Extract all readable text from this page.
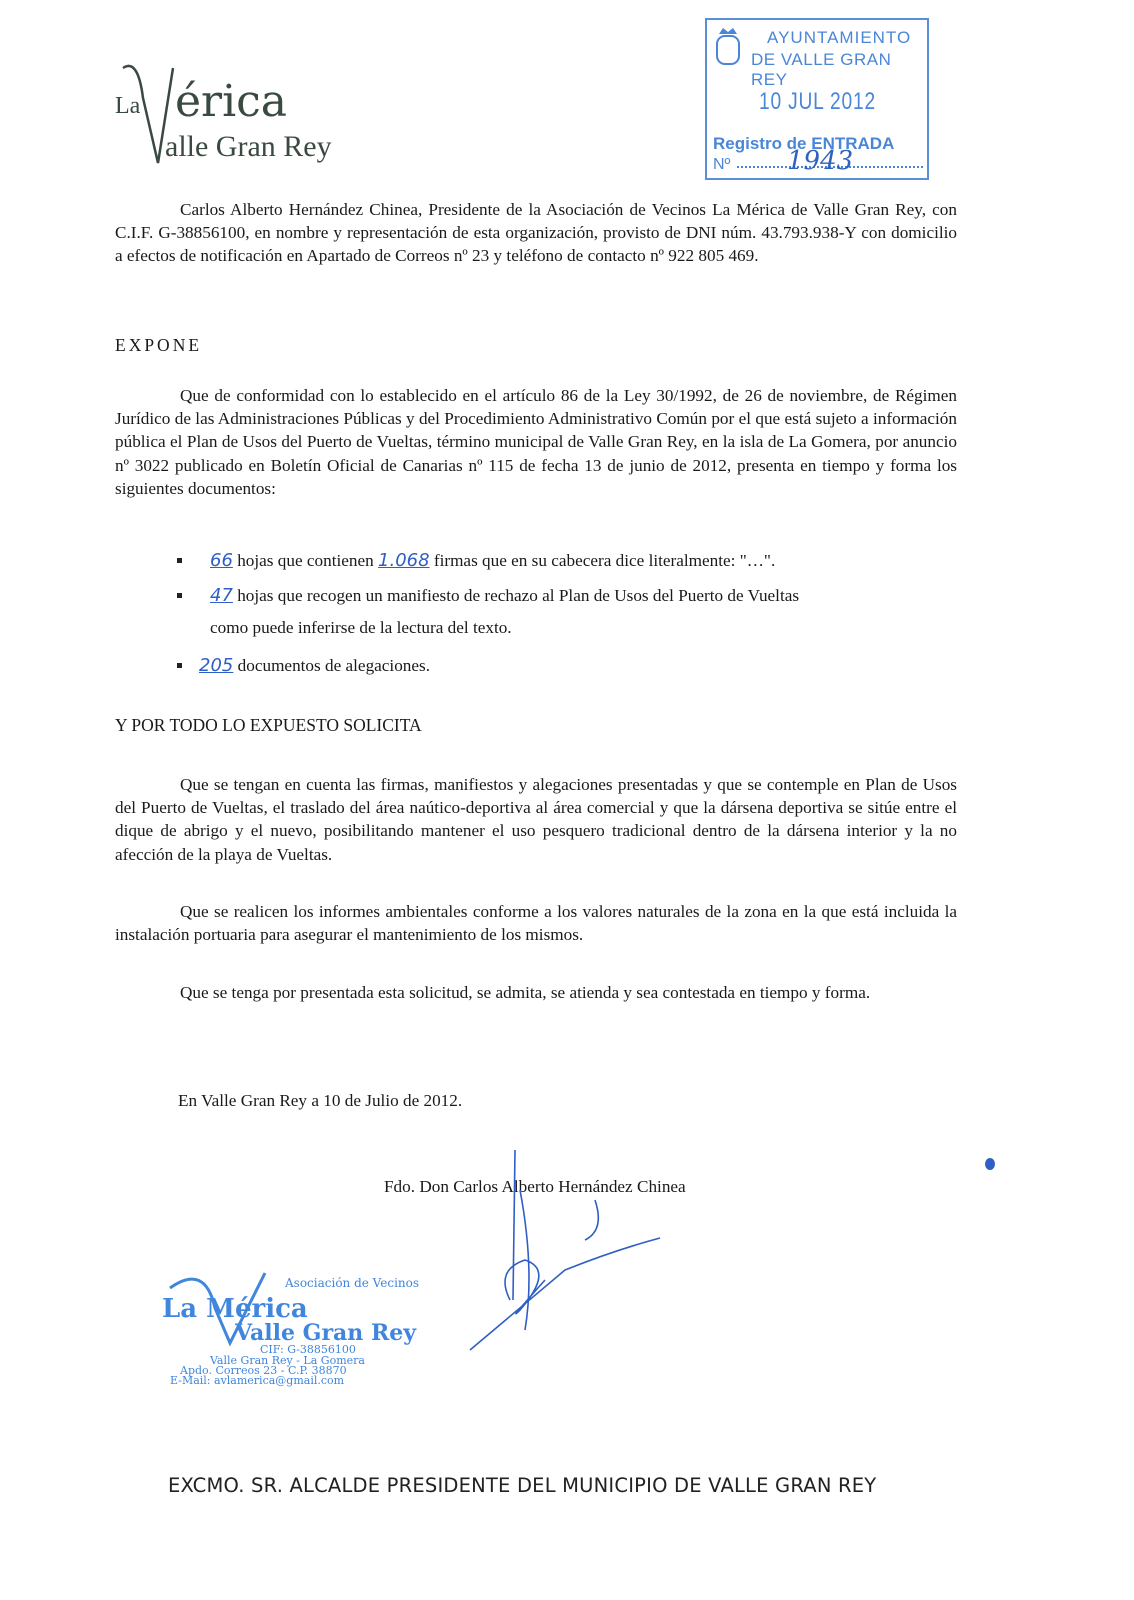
La érica
alle Gran Rey
AYUNTAMIENTO
DE VALLE GRAN REY
10 JUL 2012
Registro de ENTRADA
Nº 1943
Carlos Alberto Hernández Chinea, Presidente de la Asociación de Vecinos La Mérica de Valle Gran Rey, con C.I.F. G-38856100, en nombre y representación de esta organización, provisto de DNI núm. 43.793.938-Y con domicilio a efectos de notificación en Apartado de Correos nº 23 y teléfono de contacto nº 922 805 469.
EXPONE
Que de conformidad con lo establecido en el artículo 86 de la Ley 30/1992, de 26 de noviembre, de Régimen Jurídico de las Administraciones Públicas y del Procedimiento Administrativo Común por el que está sujeto a información pública el Plan de Usos del Puerto de Vueltas, término municipal de Valle Gran Rey, en la isla de La Gomera, por anuncio nº 3022 publicado en Boletín Oficial de Canarias nº 115 de fecha 13 de junio de 2012, presenta en tiempo y forma los siguientes documentos:
66 hojas que contienen 1.068 firmas que en su cabecera dice literalmente: "…".
47 hojas que recogen un manifiesto de rechazo al Plan de Usos del Puerto de Vueltas
como puede inferirse de la lectura del texto.
205 documentos de alegaciones.
Y POR TODO LO EXPUESTO SOLICITA
Que se tengan en cuenta las firmas, manifiestos y alegaciones presentadas y que se contemple en Plan de Usos del Puerto de Vueltas, el traslado del área naútico-deportiva al área comercial y que la dársena deportiva se sitúe entre el dique de abrigo y el nuevo, posibilitando mantener el uso pesquero tradicional dentro de la dársena interior y la no afección de la playa de Vueltas.
Que se realicen los informes ambientales conforme a los valores naturales de la zona en la que está incluida la instalación portuaria para asegurar el mantenimiento de los mismos.
Que se tenga por presentada esta solicitud, se admita, se atienda y sea contestada en tiempo y forma.
En Valle Gran Rey a 10 de Julio de 2012.
Fdo. Don Carlos Alberto Hernández Chinea
Asociación de Vecinos
La Mérica
Valle Gran Rey
CIF: G-38856100
Valle Gran Rey - La Gomera
Apdo. Correos 23 - C.P. 38870
E-Mail: avlamerica@gmail.com
EXCMO. SR. ALCALDE PRESIDENTE DEL MUNICIPIO DE VALLE GRAN REY
